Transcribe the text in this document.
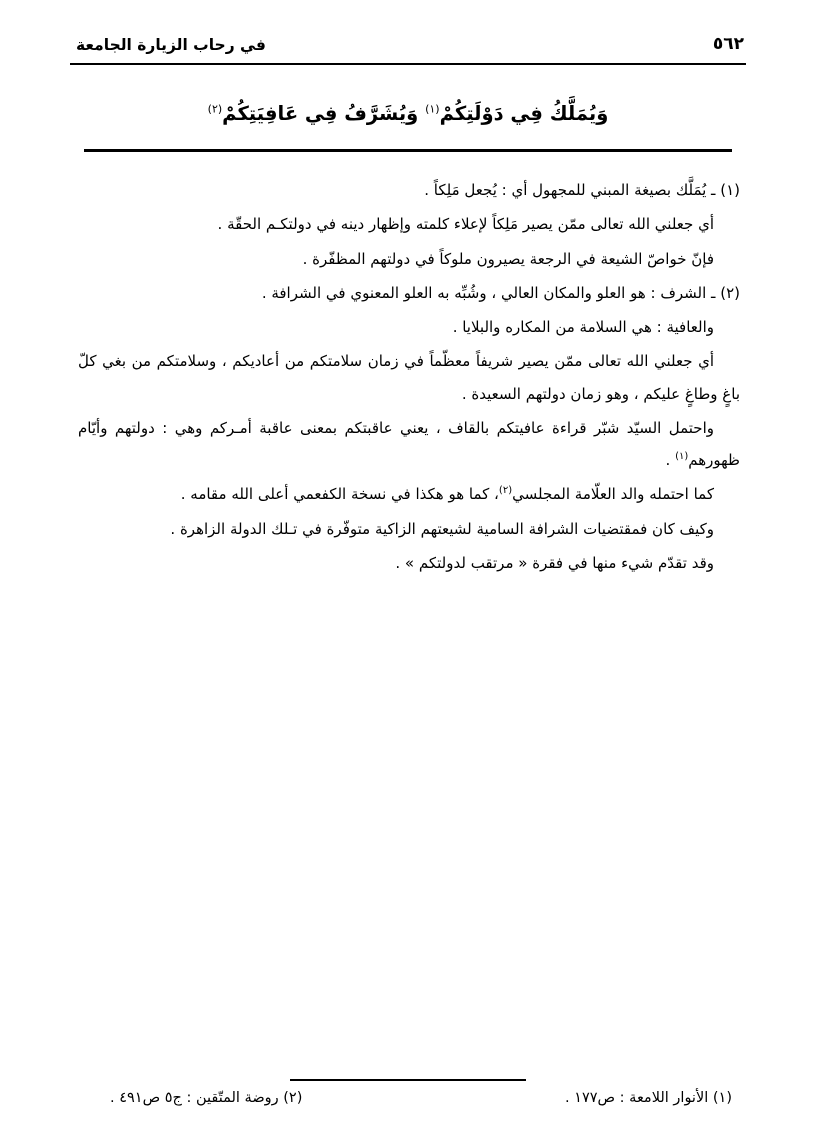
في رحاب الزيارة الجامعة	٥٦٢
وَيُمَلَّكُ فِي دَوْلَتِكُمْ$^{(١)}$ وَيُشَرَّفُ فِي عَافِيَتِكُمْ$^{(٢)}$

(١) ـ يُمَلَّك بصيغة المبني للمجهول أي : يُجعل مَلِكاً .

أي جعلني الله تعالى ممّن يصير مَلِكاً لإعلاء كلمته وإظهار دينه في دولتكـم الحقّة .

فإنّ خواصّ الشيعة في الرجعة يصيرون ملوكاً في دولتهم المظفّرة .

(٢) ـ الشرف : هو العلو والمكان العالي ، وشُبِّه به العلو المعنوي في الشرافة .

والعافية : هي السلامة من المكاره والبلايا .

أي جعلني الله تعالى ممّن يصير شريفاً معظّماً في زمان سلامتكم من أعاديكم ، وسلامتكم من بغي كلّ باغٍ وطاغٍ عليكم ، وهو زمان دولتهم السعيدة .

واحتمل السيّد شبّر قراءة عافيتكم بالقاف ، يعني عاقبتكم بمعنى عاقبة أمـركم وهي : دولتهم وأيّام ظهورهم$^{(١)}$ .

كما احتمله والد العلّامة المجلسي$^{(٢)}$، كما هو هكذا في نسخة الكفعمي أعلى الله مقامه .

وكيف كان فمقتضيات الشرافة السامية لشيعتهم الزاكية متوفّرة في تـلك الدولة الزاهرة .

وقد تقدّم شيء منها في فقرة « مرتقب لدولتكم » .

(١) الأنوار اللامعة : ص١٧٧ .
(٢) روضة المتّقين : ج٥ ص٤٩١ .
